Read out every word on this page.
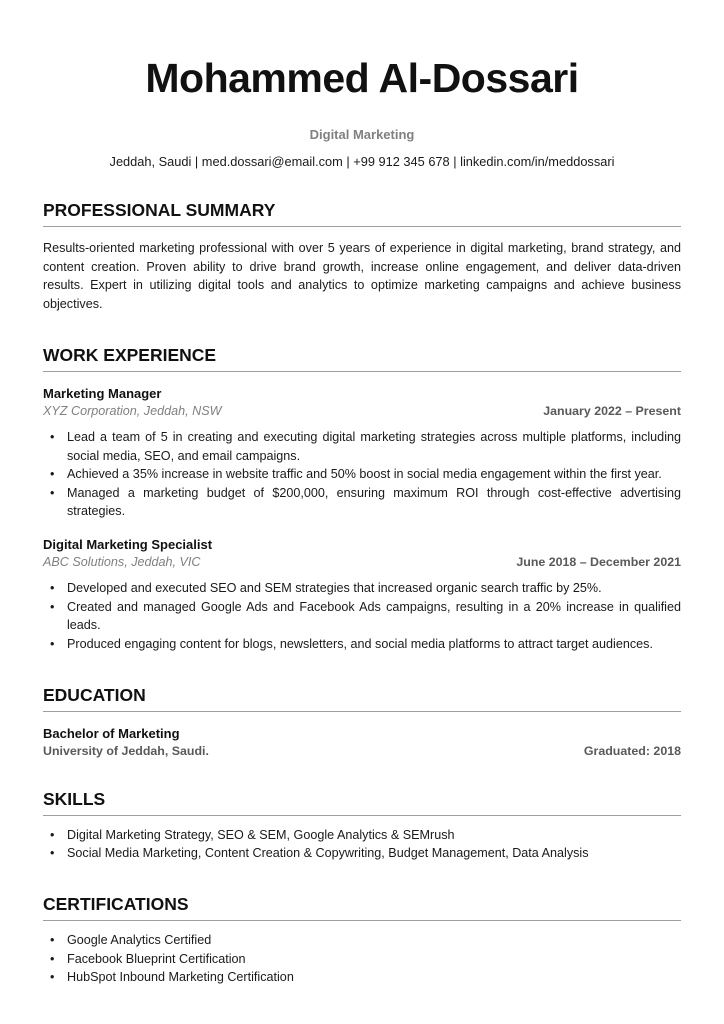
Mohammed Al-Dossari

Digital Marketing

Jeddah, Saudi | med.dossari@email.com | +99 912 345 678 | linkedin.com/in/meddossari

PROFESSIONAL SUMMARY

Results-oriented marketing professional with over 5 years of experience in digital marketing, brand strategy, and content creation. Proven ability to drive brand growth, increase online engagement, and deliver data-driven results. Expert in utilizing digital tools and analytics to optimize marketing campaigns and achieve business objectives.

WORK EXPERIENCE

Marketing Manager

XYZ Corporation, Jeddah, NSW	January 2022 – Present
• Lead a team of 5 in creating and executing digital marketing strategies across multiple platforms, including social media, SEO, and email campaigns.
• Achieved a 35% increase in website traffic and 50% boost in social media engagement within the first year.
• Managed a marketing budget of $200,000, ensuring maximum ROI through cost-effective advertising strategies.

Digital Marketing Specialist

ABC Solutions, Jeddah, VIC	June 2018 – December 2021
• Developed and executed SEO and SEM strategies that increased organic search traffic by 25%.
• Created and managed Google Ads and Facebook Ads campaigns, resulting in a 20% increase in qualified leads.
• Produced engaging content for blogs, newsletters, and social media platforms to attract target audiences.
EDUCATION

Bachelor of Marketing

University of Jeddah, Saudi.	Graduated: 2018
SKILLS
• Digital Marketing Strategy, SEO & SEM, Google Analytics & SEMrush
• Social Media Marketing, Content Creation & Copywriting, Budget Management, Data Analysis
CERTIFICATIONS
• Google Analytics Certified
• Facebook Blueprint Certification
• HubSpot Inbound Marketing Certification
